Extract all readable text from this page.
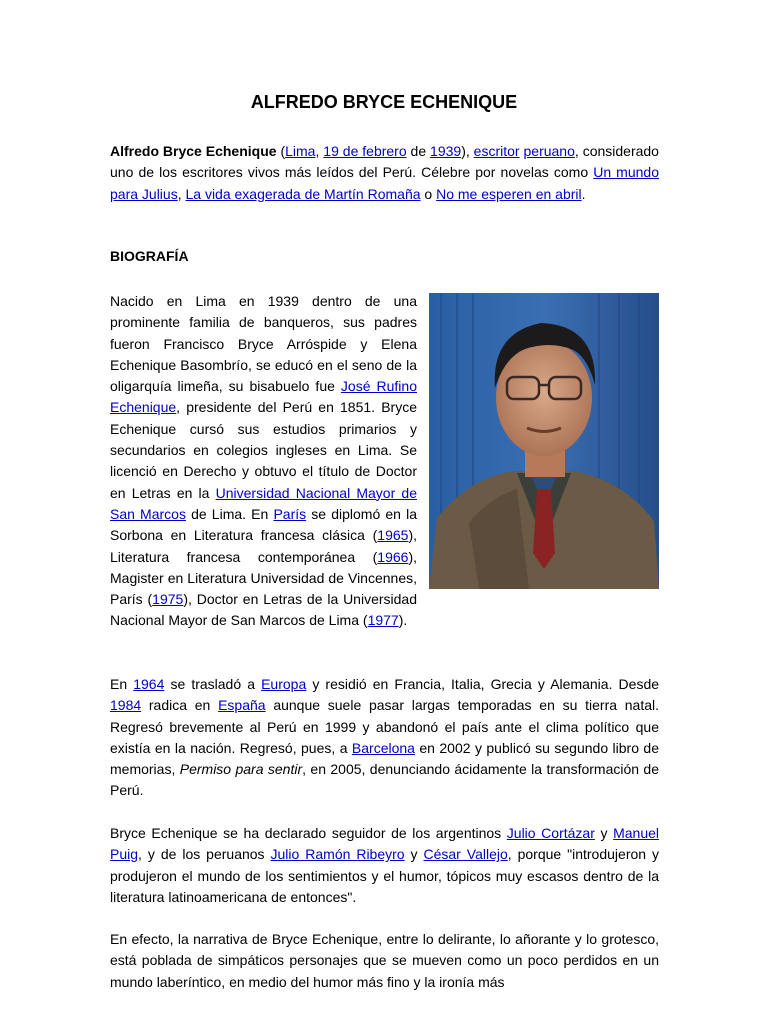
ALFREDO BRYCE ECHENIQUE

Alfredo Bryce Echenique (Lima, 19 de febrero de 1939), escritor peruano, considerado uno de los escritores vivos más leídos del Perú. Célebre por novelas como Un mundo para Julius, La vida exagerada de Martín Romaña o No me esperen en abril.

BIOGRAFÍA
Nacido en Lima en 1939 dentro de una prominente familia de banqueros, sus padres fueron Francisco Bryce Arróspide y Elena Echenique Basombrío, se educó en el seno de la oligarquía limeña, su bisabuelo fue José Rufino Echenique, presidente del Perú en 1851. Bryce Echenique cursó sus estudios primarios y secundarios en colegios ingleses en Lima. Se licenció en Derecho y obtuvo el título de Doctor en Letras en la Universidad Nacional Mayor de San Marcos de Lima. En París se diplomó en la Sorbona en Literatura francesa clásica (1965), Literatura francesa contemporánea (1966), Magister en Literatura Universidad de Vincennes, París (1975), Doctor en Letras de la Universidad Nacional Mayor de San Marcos de Lima (1977).

En 1964 se trasladó a Europa y residió en Francia, Italia, Grecia y Alemania. Desde 1984 radica en España aunque suele pasar largas temporadas en su tierra natal. Regresó brevemente al Perú en 1999 y abandonó el país ante el clima político que existía en la nación. Regresó, pues, a Barcelona en 2002 y publicó su segundo libro de memorias, Permiso para sentir, en 2005, denunciando ácidamente la transformación de Perú.

Bryce Echenique se ha declarado seguidor de los argentinos Julio Cortázar y Manuel Puig, y de los peruanos Julio Ramón Ribeyro y César Vallejo, porque "introdujeron y produjeron el mundo de los sentimientos y el humor, tópicos muy escasos dentro de la literatura latinoamericana de entonces".

En efecto, la narrativa de Bryce Echenique, entre lo delirante, lo añorante y lo grotesco, está poblada de simpáticos personajes que se mueven como un poco perdidos en un mundo laberíntico, en medio del humor más fino y la ironía más
